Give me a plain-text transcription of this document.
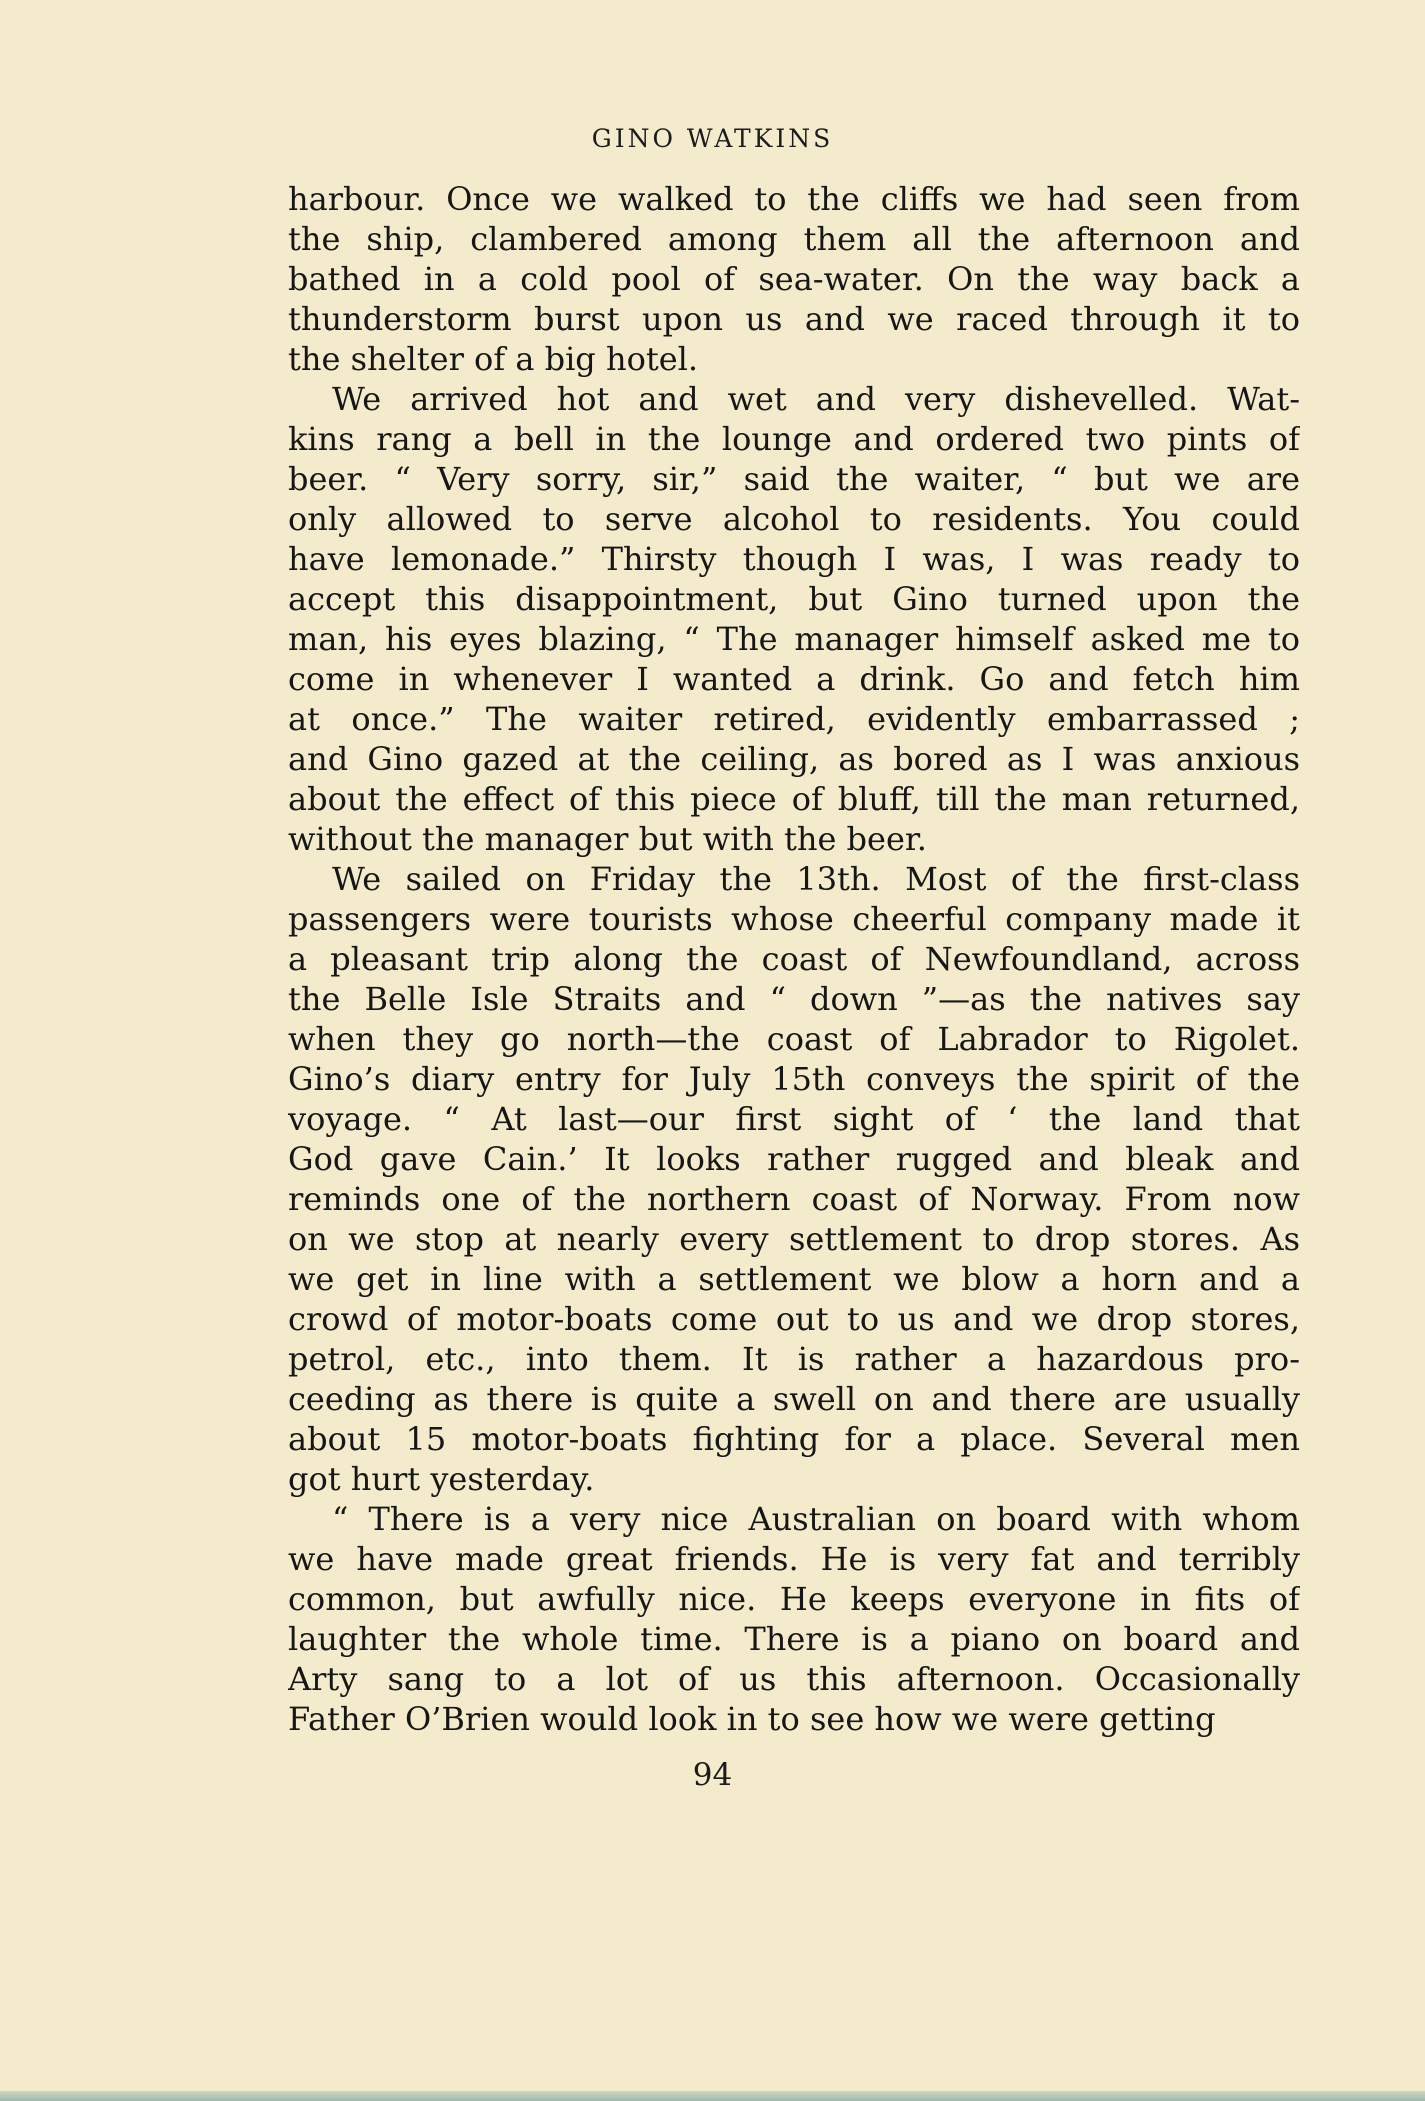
GINO WATKINS
harbour. Once we walked to the cliffs we had seen from
the ship, clambered among them all the afternoon and
bathed in a cold pool of sea-water. On the way back a
thunderstorm burst upon us and we raced through it to
the shelter of a big hotel.
We arrived hot and wet and very dishevelled. Wat-
kins rang a bell in the lounge and ordered two pints of
beer. “ Very sorry, sir,” said the waiter, “ but we are
only allowed to serve alcohol to residents. You could
have lemonade.” Thirsty though I was, I was ready to
accept this disappointment, but Gino turned upon the
man, his eyes blazing, “ The manager himself asked me to
come in whenever I wanted a drink. Go and fetch him
at once.” The waiter retired, evidently embarrassed ;
and Gino gazed at the ceiling, as bored as I was anxious
about the effect of this piece of bluff, till the man returned,
without the manager but with the beer.
We sailed on Friday the 13th. Most of the first-class
passengers were tourists whose cheerful company made it
a pleasant trip along the coast of Newfoundland, across
the Belle Isle Straits and “ down ”—as the natives say
when they go north—the coast of Labrador to Rigolet.
Gino’s diary entry for July 15th conveys the spirit of the
voyage. “ At last—our first sight of ‘ the land that
God gave Cain.’ It looks rather rugged and bleak and
reminds one of the northern coast of Norway. From now
on we stop at nearly every settlement to drop stores. As
we get in line with a settlement we blow a horn and a
crowd of motor-boats come out to us and we drop stores,
petrol, etc., into them. It is rather a hazardous pro-
ceeding as there is quite a swell on and there are usually
about 15 motor-boats fighting for a place. Several men
got hurt yesterday.
“ There is a very nice Australian on board with whom
we have made great friends. He is very fat and terribly
common, but awfully nice. He keeps everyone in fits of
laughter the whole time. There is a piano on board and
Arty sang to a lot of us this afternoon. Occasionally
Father O’Brien would look in to see how we were getting
94
